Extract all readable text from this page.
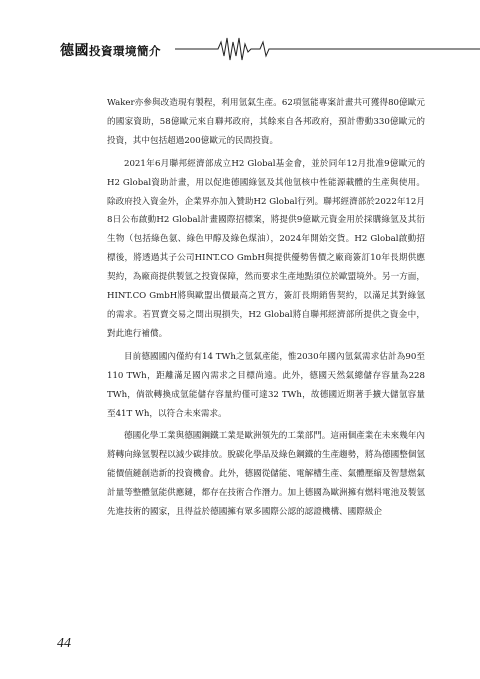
德國投資環境簡介

Waker亦參與改造現有製程，利用氫氣生產。62項氫能專案計畫共可獲得80億歐元的國家資助，58億歐元來自聯邦政府，其餘來自各邦政府，預計帶動330億歐元的投資，其中包括超過200億歐元的民間投資。

2021年6月聯邦經濟部成立H2 Global基金會，並於同年12月批准9億歐元的H2 Global資助計畫，用以促進德國綠氫及其他氫核中性能源載體的生產與使用。除政府投入資金外，企業界亦加入贊助H2 Global行列。聯邦經濟部於2022年12月8日公布啟動H2 Global計畫國際招標案，將提供9億歐元資金用於採購綠氫及其衍生物（包括綠色氨、綠色甲醇及綠色煤油），2024年開始交貨。H2 Global啟動招標後，將透過其子公司HINT.CO GmbH與提供優勢售價之廠商簽訂10年長期供應契約，為廠商提供製氫之投資保障，然而要求生產地點須位於歐盟境外。另一方面，HINT.CO GmbH將與歐盟出價最高之買方，簽訂長期銷售契約，以滿足其對綠氫的需求。若買賣交易之間出現損失，H2 Global將自聯邦經濟部所提供之資金中，對此進行補償。

目前德國國內僅約有14 TWh之氫氣產能，惟2030年國內氫氣需求估計為90至110 TWh，距離滿足國內需求之目標尚遠。此外，德國天然氣總儲存容量為228 TWh，倘欲轉換成氫能儲存容量約僅可達32 TWh，故德國近期著手擴大儲氫容量至41T Wh，以符合未來需求。

德國化學工業與德國鋼鐵工業是歐洲領先的工業部門。這兩個產業在未來幾年內將轉向綠氫製程以減少碳排放。脫碳化學品及綠色鋼鐵的生產趨勢，將為德國整個氫能價值鏈創造新的投資機會。此外，德國從儲能、電解槽生產、氣體壓縮及智慧燃氣計量等整體氫能供應鏈，都存在技術合作潛力。加上德國為歐洲擁有燃料電池及製氫先進技術的國家，且得益於德國擁有眾多國際公認的認證機構、國際級企

44
